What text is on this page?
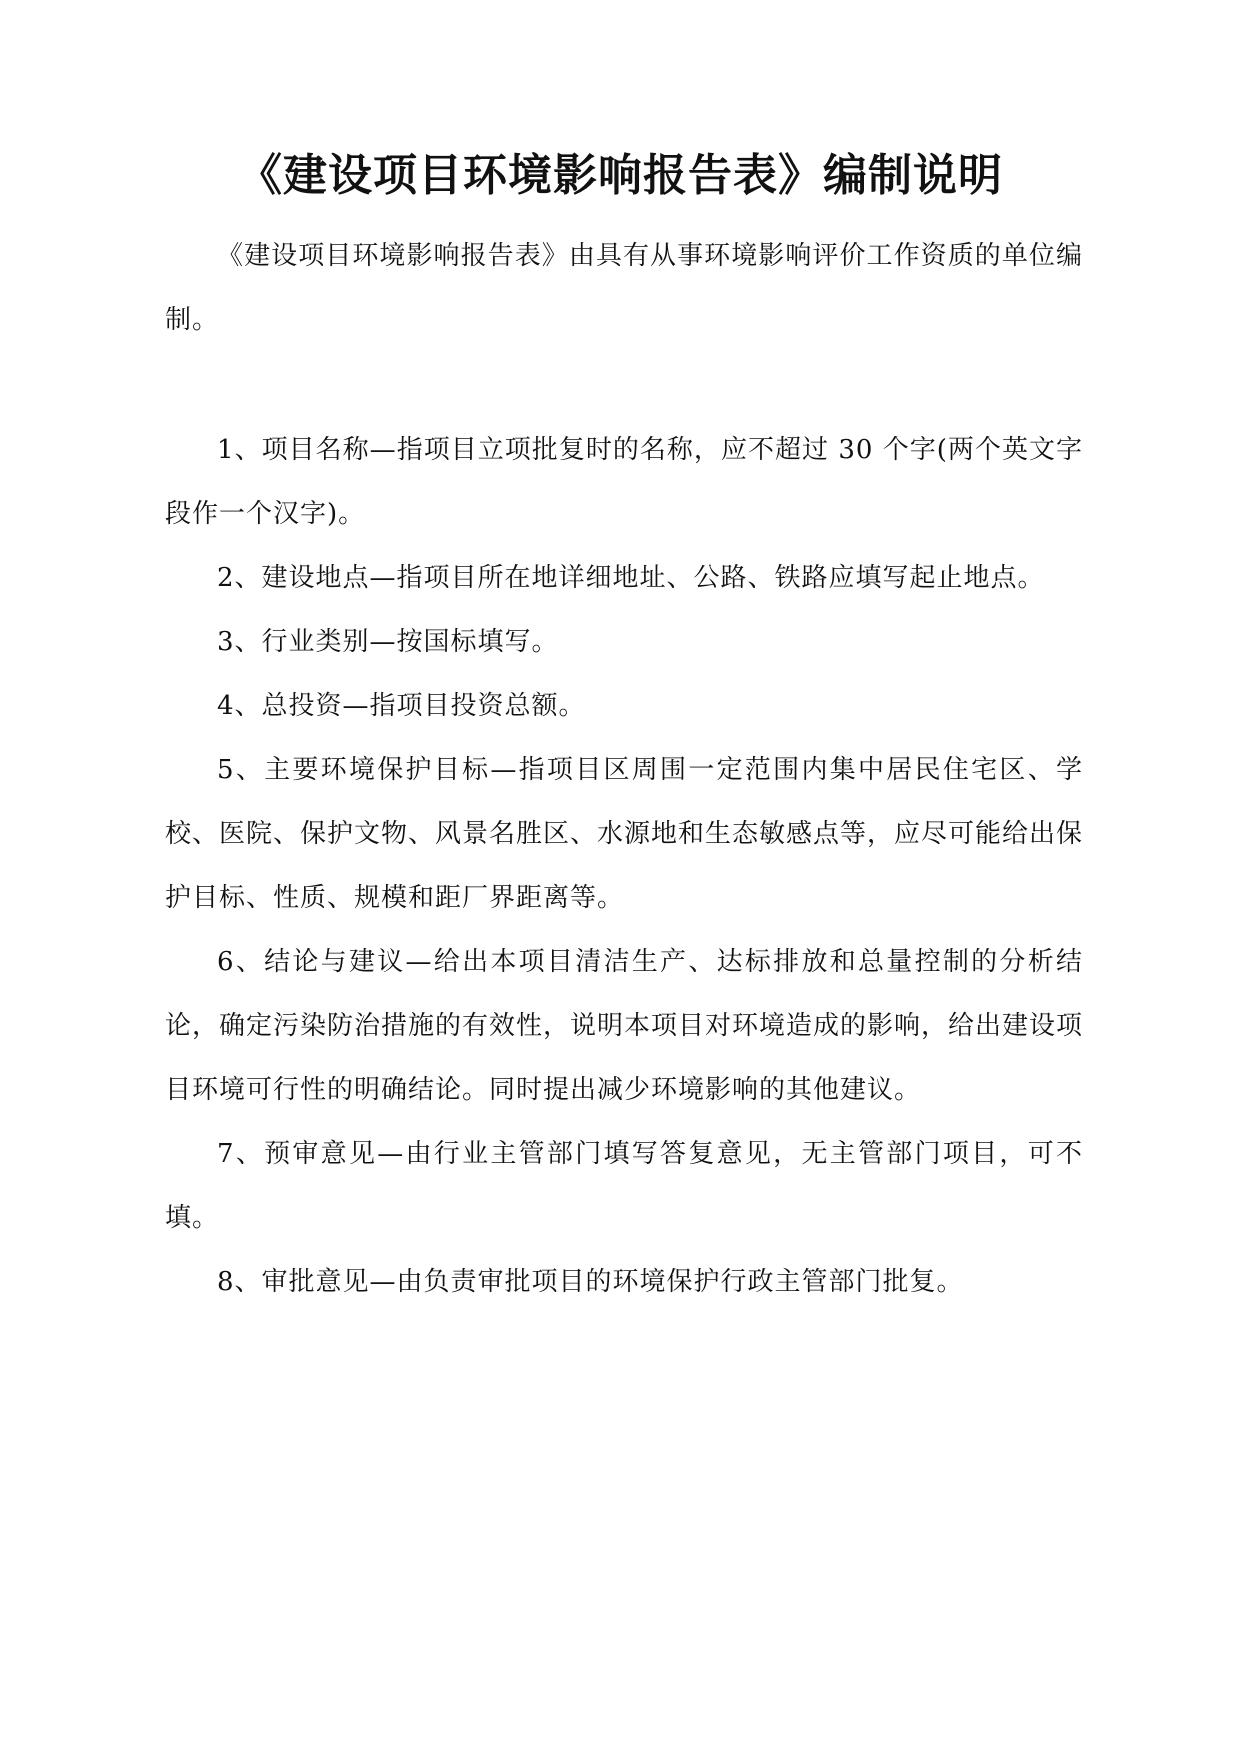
《建设项目环境影响报告表》编制说明

《建设项目环境影响报告表》由具有从事环境影响评价工作资质的单位编制。

1、项目名称—指项目立项批复时的名称，应不超过 30 个字(两个英文字段作一个汉字)。

2、建设地点—指项目所在地详细地址、公路、铁路应填写起止地点。

3、行业类别—按国标填写。

4、总投资—指项目投资总额。

5、主要环境保护目标—指项目区周围一定范围内集中居民住宅区、学校、医院、保护文物、风景名胜区、水源地和生态敏感点等，应尽可能给出保护目标、性质、规模和距厂界距离等。

6、结论与建议—给出本项目清洁生产、达标排放和总量控制的分析结论，确定污染防治措施的有效性，说明本项目对环境造成的影响，给出建设项目环境可行性的明确结论。同时提出减少环境影响的其他建议。

7、预审意见—由行业主管部门填写答复意见，无主管部门项目，可不填。

8、审批意见—由负责审批项目的环境保护行政主管部门批复。
